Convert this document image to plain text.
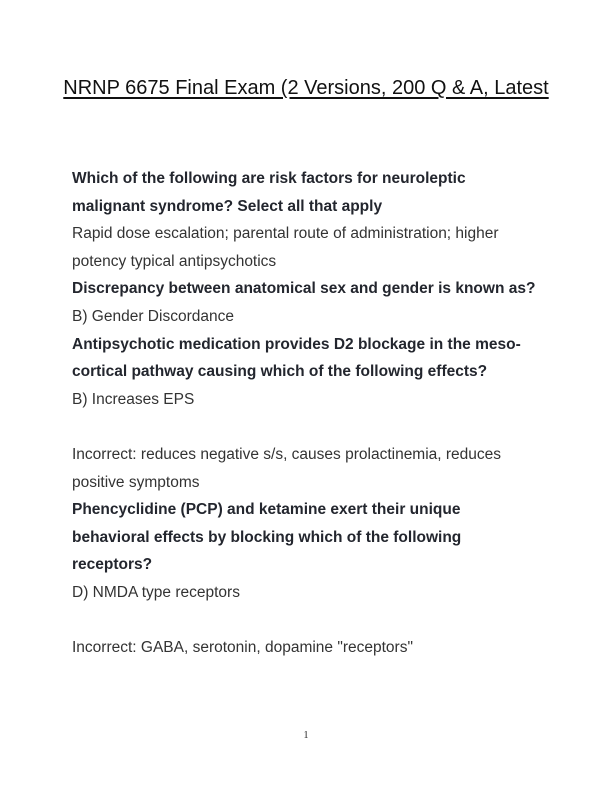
NRNP 6675 Final Exam (2 Versions, 200 Q & A, Latest

Which of the following are risk factors for neuroleptic malignant syndrome? Select all that apply

Rapid dose escalation; parental route of administration; higher potency typical antipsychotics

Discrepancy between anatomical sex and gender is known as?

B) Gender Discordance

Antipsychotic medication provides D2 blockage in the meso-cortical pathway causing which of the following effects?

B) Increases EPS

Incorrect: reduces negative s/s, causes prolactinemia, reduces positive symptoms

Phencyclidine (PCP) and ketamine exert their unique behavioral effects by blocking which of the following receptors?

D) NMDA type receptors

Incorrect: GABA, serotonin, dopamine "receptors"

1
